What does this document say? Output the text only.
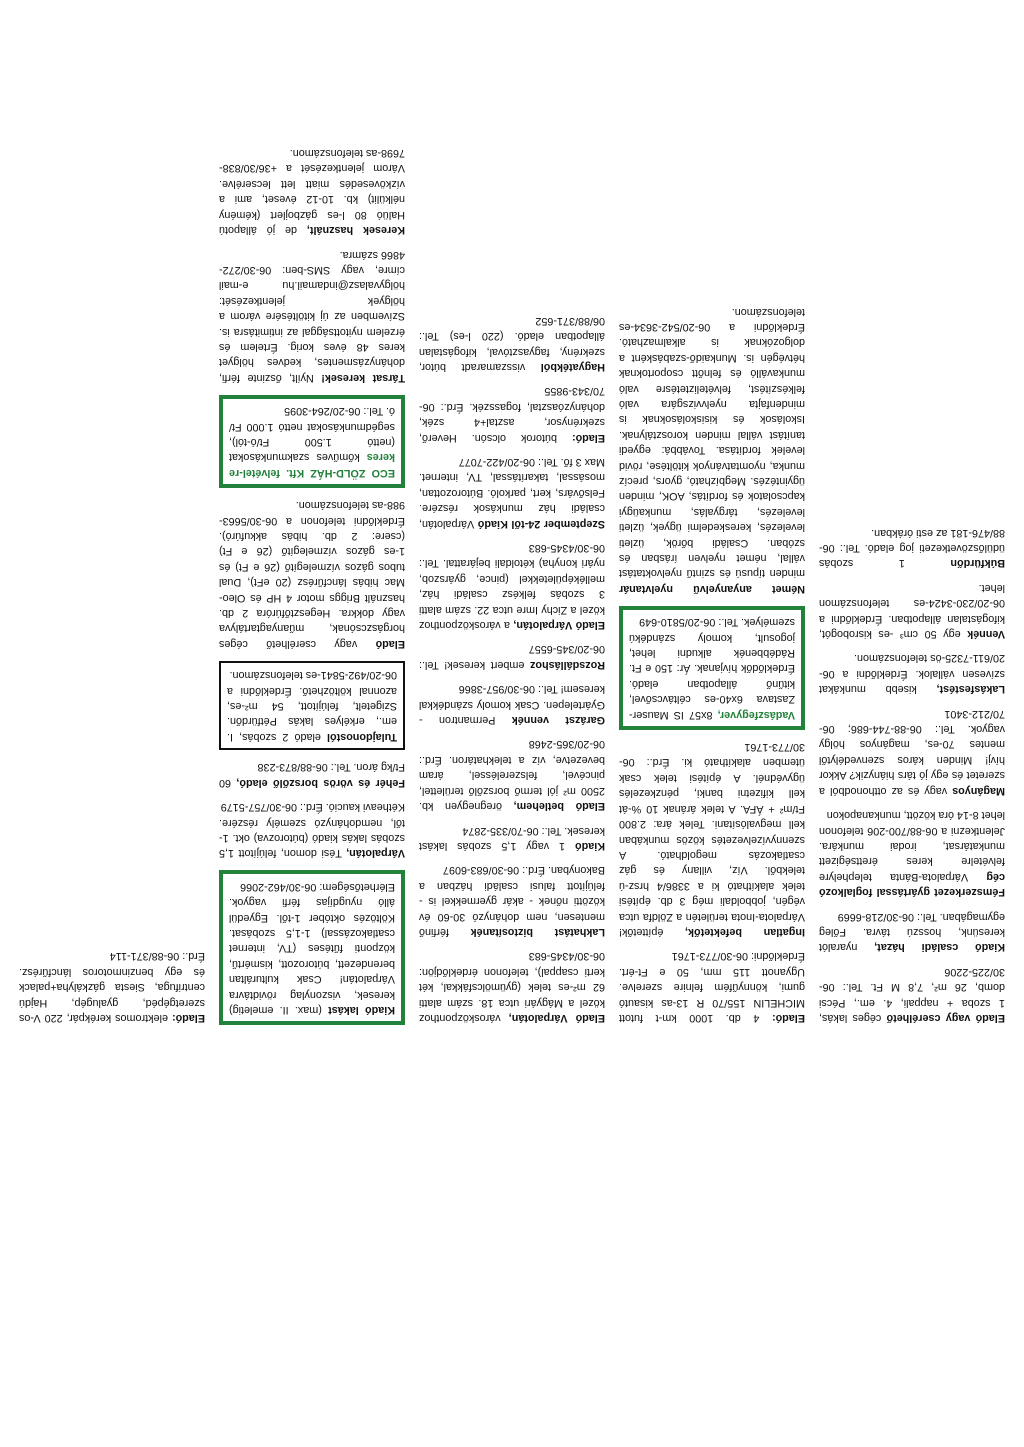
Eladó vagy cserélhető céges lakás, 1 szoba + nappali, 4. em., Pécsi domb, 26 m², 7,8 M Ft. Tel.: 06-30/225-2206

Kiadó családi házat, nyaralót keresünk, hosszú távra. Főleg egymagában. Tel.: 06-30/218-6669

Fémszerkezet gyártással foglalkozó cég Várpalota-Bánta telephelyre felvételre keres érettségizett munkatársat, irodai munkára. Jelentkezni a 06-88/700-206 telefonon lehet 8-14 óra között, munkanapokon

Magányos vagy és az otthonodból a szeretet és egy jó társ hiányzik? Akkor hívj! Minden káros szenvedélytől mentes 70-es, magányos hölgy vagyok. Tel.: 06-88-744-686; 06-70/212-3401

Lakásfestést, kisebb munkákat szívesen vállalok. Érdeklődni a 06-20/611-7325-ös telefonszámon.

Vennék egy 50 cm³ -es kisrobogót, kifogástalan állapotban. Érdeklődni a 06-20/230-3424-es telefonszámon lehet.

Búkfürdőn 1 szobás üdülőszövetkezeti jog eladó. Tel.: 06-88/476-181 az esti órákban.

Eladó: 4 db. 1000 km-t futott MICHELIN 155/70 R 13-as kisautó gumi, könnyűfém felnire szerelve. Ugyanott 115 mm, 50 e Ft-ért. Érdeklődni: 06-30/773-1761

Ingatlan befektetők, építtetők! Várpalota-Inota területén a Zöldfa utca végén, jobboldali még 3 db. építési telek alakítható ki a 3386/4 hrsz-ú telekből. Víz, villany és gáz csatlakozás megoldható. A szennyvízelvezetés közös munkában kell megvalósítani. Telek ára: 2.800 Ft/m² + ÁFA. A telek árának 10 %-át kell kifizetni banki, pénzkezelés ügyvédnél. A építési telek csak ütemben alakítható ki. Érd.: 06-30/773-1761

Vadászfegyver, 8x57 IS Mauser-Zastava 6x40-es céltávcsővel, kitűnő állapotban eladó. Érdeklődők hívjanak. Ár: 150 e Ft. Rádébbenék alkudni lehet, jogosult, komoly szándékú személyek. Tel.: 06-20/5810-649

Német anyanyelvű nyelvtanár minden típusú és szintű nyelvoktatást vállal, német nyelven írásban és szóban. Családi bőrök, üzleti levelezés, kereskedelmi ügyek, üzleti levelezés, tárgyalás, munkaügyi kapcsolatok és fordítás, AOK, minden ügyintézés. Megbízható, gyors, precíz munka, nyomtatványok kitöltése, rövid levelek fordítása. Továbbá: egyedi tanítást vállal minden korosztálynak. Iskolások és kisiskolásoknak is mindenfajta nyelvvizsgára való felkészítést, felvételiztetésre való munkaválló és felnőtt csoportoknak hétvégén is. Munkaidő-szabásként a dolgozóknak is alkalmazható. Érdeklődni a 06-20/542-3634-es telefonszámon.

Eladó Várpalotán, városközponthoz közel a Mágyári utca 18. szám alatti 62 m²-es telek (gyümölcsfákkal, két kerti csappal), telefonon érdeklődjön: 06-30/4345-683

Lakhatást biztosítanék férfinő mentesen, nem dohányzó 30-60 év közötti nőnek - akár gyermekkel is - felújított falusi családi házban a Bakonyban. Érd.: 06-30/683-6097

Kiadó 1 vagy 1,5 szobás lakást keresek. Tel.: 06-70/335-2874

Eladó betlehem, öregnegyen kb. 2500 m² jól termő borszőlő területtel, pincével, felszereléssel, áram bevezetve, víz a telekhatáron. Érd.: 06-20/365-2468

Garázst vennék Permantron - Gyártelepen. Csak komoly szándékkal keresem! Tel.: 06-30/957-3866

Rozsdálláshoz embert keresek! Tel.: 06-20/345-6557

Eladó Várpalotán, a városközponthoz közel a Zichy Imre utca 22. szám alatti 3 szobás felkész családi ház, melléképületekkel (pince, gyárszob, nyári konyha) kétoldali bejárattal. Tel.: 06-30/4345-683

Szeptember 24-től Kiadó Várpalotán, családi ház munkások részére. Felsővárs, kert, parkoló. Bútorozottan, mosással, takarítással, TV, internet. Max 3 fő. Tel.: 06-20/422-7077

Eladó: bútorok olcsón. Heverő, szekrénysor, asztal+4 szék, dohányzóasztal, fogasszék. Érd.: 06-70/343-9855

Hagyatékból visszamaradt bútor, szekrény, fagyasztóval, kifogástalan állapotban eladó. (220 l-es) Tel.: 06/88/371-652

Kiadó lakást (max. II. emeletig) keresek, viszonylag rövidtávra Várpalotán! Csak kulturáltan berendezett, bútorozott, kismértű, központi fűtéses (TV, internet csatlakozással) 1-1,5 szobásat. Költözés október 1-től. Egyedül álló nyugdíjas férfi vagyok. Elérhetőségem: 06-30/462-2066

Várpalotán, Tési domon, felújított 1,5 szobás lakás kiadó (bútorozva) okt. 1-től, nemdohányzó személy részére. Kétheavi kaució. Érd.: 06-30/757-5179

Fehér és vörös borszőlő eladó, 60 Ft/kg áron. Tel.: 06-88/873-238

Tulajdonostól eladó 2 szobás, I. em., erkélyes lakás Pétfürdőn. Szigetelt, felújított, 54 m²-es, azonnal költözhető. Érdeklődni a 06-20/492-5841-es telefonszámon.

Eladó vagy cserélhető céges horgászcsónak, műanyagtartályva vagy dokkra. Hegesztőfúróra 2 db. használt Briggs motor 4 HP és Oleo-Mac hibás láncfűrész (20 eFt), Dual tubos gázos vízmelegítő (26 e Ft) és 1-es gázos vízmelegítő (26 e Ft) (csere: 2 db. hibás akkufúró). Érdeklődni telefonon a 06-30/5663-988-as telefonszámon.

ECO ZÖLD-HÁZ Kft. felvétel-re keres kőműves szakmunkásokat (nettó 1.500 Ft/ó-tól), segédmunkásokat nettó 1.000 Ft/ó. Tel.: 06-20/264-3095

Társat keresek! Nyílt, őszinte férfi, dohányzásmentes, kedves hölgyet keres 48 éves korig. Értelem és érzelem nyitottsággal az intimitásra is. Szívemben az új kitöltésére várom a hölgyek jelentkezését: hölgyvalasz@indamail.hu e-mail címre, vagy SMS-ben: 06-30/272-4866 számra.

Keresek használt, de jó állapotú Halüó 80 l-es gázbojlert (kémény nélkülit) kb. 10-12 éveset, ami a vízkövesedés miatt lett lecserélve. Várom jelentkezését a +36/30/838-7698-as telefonszámon.

Eladó: elektromos kerékpár, 220 V-os szeretgépéd, gyalugép, Hajdú centrifuga, Siesta gázkályha+palack és egy benzinmotoros láncfűrész. Érd.: 06-88/371-114
